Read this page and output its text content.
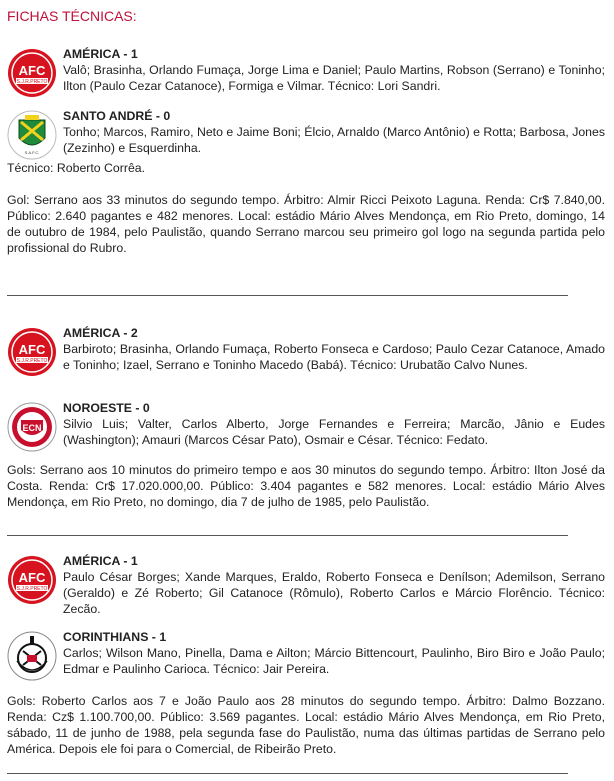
FICHAS TÉCNICAS:
AFC
S.J.R.PRETO
AMÉRICA - 1
Valô; Brasinha, Orlando Fumaça, Jorge Lima e Daniel; Paulo Martins, Robson (Serrano) e Toninho; Ilton (Paulo Cezar Catanoce), Formiga e Vilmar. Técnico: Lori Sandri.
S.A.F.C.
SANTO ANDRÉ - 0
Tonho; Marcos, Ramiro, Neto e Jaime Boni; Élcio, Arnaldo (Marco Antônio) e Rotta; Barbosa, Jones (Zezinho) e Esquerdinha.
Técnico: Roberto Corrêa.
Gol: Serrano aos 33 minutos do segundo tempo. Árbitro: Almir Ricci Peixoto Laguna. Renda: Cr$ 7.840,00. Público: 2.640 pagantes e 482 menores. Local: estádio Mário Alves Mendonça, em Rio Preto, domingo, 14 de outubro de 1984, pelo Paulistão, quando Serrano marcou seu primeiro gol logo na segunda partida pelo profissional do Rubro.
AFC
S.J.R.PRETO
AMÉRICA - 2
Barbiroto; Brasinha, Orlando Fumaça, Roberto Fonseca e Cardoso; Paulo Cezar Catanoce, Amado e Toninho; Izael, Serrano e Toninho Macedo (Babá). Técnico: Urubatão Calvo Nunes.
ECN
NOROESTE - 0
Silvio Luis; Valter, Carlos Alberto, Jorge Fernandes e Ferreira; Marcão, Jânio e Eudes (Washington); Amauri (Marcos César Pato), Osmair e César. Técnico: Fedato.
Gols: Serrano aos 10 minutos do primeiro tempo e aos 30 minutos do segundo tempo. Árbitro: Ilton José da Costa. Renda: Cr$ 17.020.000,00. Público: 3.404 pagantes e 582 menores. Local: estádio Mário Alves Mendonça, em Rio Preto, no domingo, dia 7 de julho de 1985, pelo Paulistão.
AFC
S.J.R.PRETO
AMÉRICA - 1
Paulo César Borges; Xande Marques, Eraldo, Roberto Fonseca e Denílson; Ademilson, Serrano (Geraldo) e Zé Roberto; Gil Catanoce (Rômulo), Roberto Carlos e Márcio Florêncio. Técnico: Zecão.
CORINTHIANS - 1
Carlos; Wilson Mano, Pinella, Dama e Ailton; Márcio Bittencourt, Paulinho, Biro Biro e João Paulo; Edmar e Paulinho Carioca. Técnico: Jair Pereira.
Gols: Roberto Carlos aos 7 e João Paulo aos 28 minutos do segundo tempo. Árbitro: Dalmo Bozzano. Renda: Cz$ 1.100.700,00. Público: 3.569 pagantes. Local: estádio Mário Alves Mendonça, em Rio Preto, sábado, 11 de junho de 1988, pela segunda fase do Paulistão, numa das últimas partidas de Serrano pelo América. Depois ele foi para o Comercial, de Ribeirão Preto.
